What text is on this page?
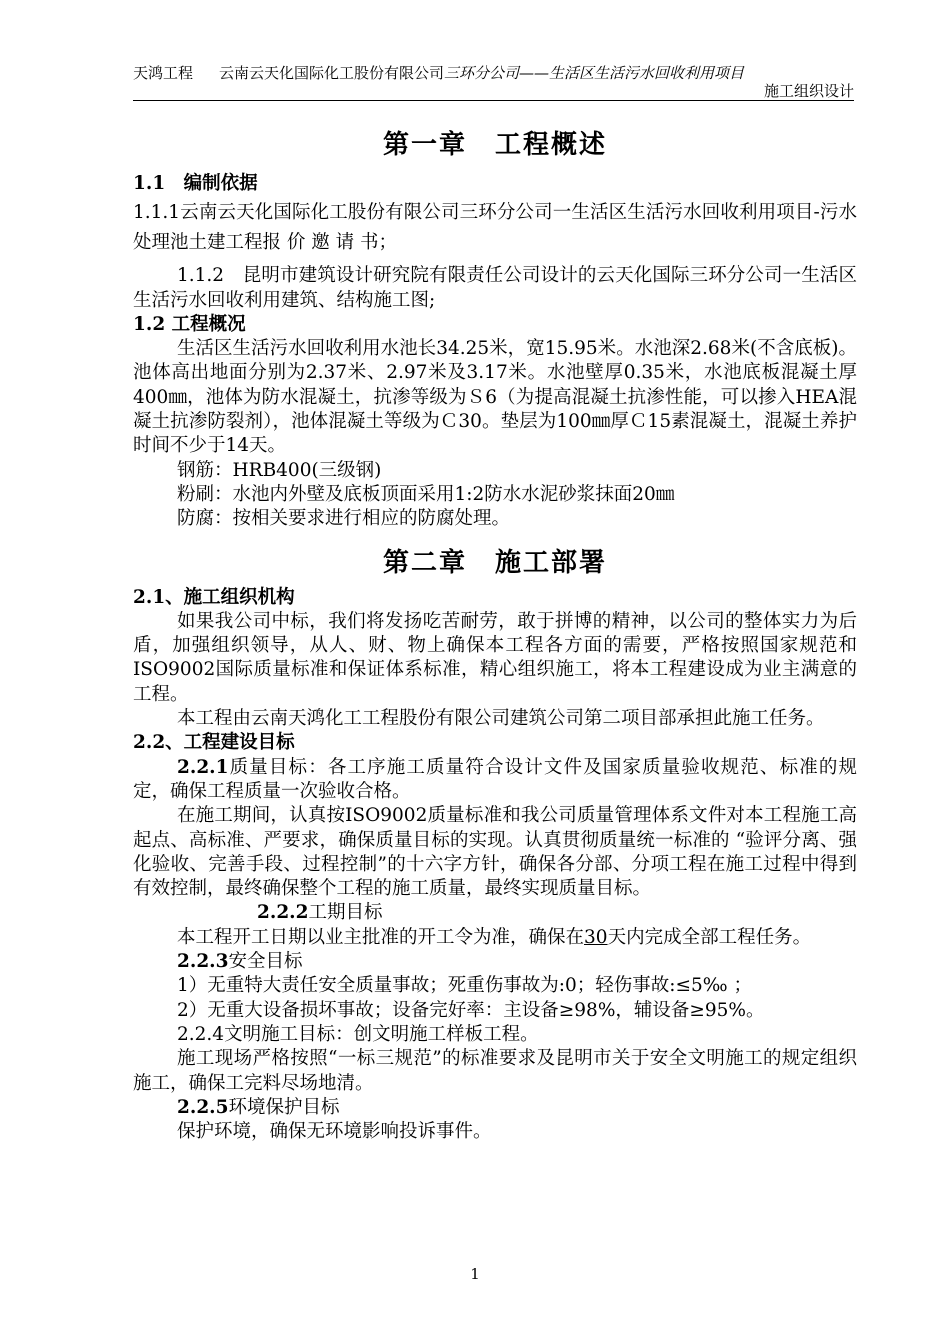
天鸿工程 云南云天化国际化工股份有限公司三环分公司——生活区生活污水回收利用项目
施工组织设计
第一章　工程概述

1.1　编制依据

1.1.1云南云天化国际化工股份有限公司三环分公司一生活区生活污水回收利用项目-污水处理池土建工程报 价 邀 请 书；

1.1.2　昆明市建筑设计研究院有限责任公司设计的云天化国际三环分公司一生活区生活污水回收利用建筑、结构施工图;

1.2 工程概况

生活区生活污水回收利用水池长34.25米，宽15.95米。水池深2.68米(不含底板)。池体高出地面分别为2.37米、2.97米及3.17米。水池壁厚0.35米，水池底板混凝土厚400㎜，池体为防水混凝土，抗渗等级为Ｓ6（为提高混凝土抗渗性能，可以掺入HEA混凝土抗渗防裂剂），池体混凝土等级为Ｃ30。垫层为100㎜厚Ｃ15素混凝土，混凝土养护时间不少于14天。

钢筋：HRB400(三级钢)

粉刷：水池内外壁及底板顶面采用1:2防水水泥砂浆抹面20㎜

防腐：按相关要求进行相应的防腐处理。

第二章　施工部署

2.1、施工组织机构

如果我公司中标，我们将发扬吃苦耐劳，敢于拼博的精神，以公司的整体实力为后盾，加强组织领导，从人、财、物上确保本工程各方面的需要，严格按照国家规范和ISO9002国际质量标准和保证体系标准，精心组织施工，将本工程建设成为业主满意的工程。

本工程由云南天鸿化工工程股份有限公司建筑公司第二项目部承担此施工任务。

2.2、工程建设目标

2.2.1质量目标：各工序施工质量符合设计文件及国家质量验收规范、标准的规定，确保工程质量一次验收合格。

在施工期间，认真按ISO9002质量标准和我公司质量管理体系文件对本工程施工高起点、高标准、严要求，确保质量目标的实现。认真贯彻质量统一标准的 “验评分离、强化验收、完善手段、过程控制”的十六字方针，确保各分部、分项工程在施工过程中得到有效控制，最终确保整个工程的施工质量，最终实现质量目标。

2.2.2工期目标

本工程开工日期以业主批准的开工令为准，确保在30天内完成全部工程任务。

2.2.3安全目标

1）无重特大责任安全质量事故；死重伤事故为:0；轻伤事故:≤5‰ ；

2）无重大设备损坏事故；设备完好率：主设备≥98%，辅设备≥95%。

2.2.4文明施工目标：创文明施工样板工程。

施工现场严格按照“一标三规范”的标准要求及昆明市关于安全文明施工的规定组织施工，确保工完料尽场地清。

2.2.5环境保护目标

保护环境，确保无环境影响投诉事件。

1
